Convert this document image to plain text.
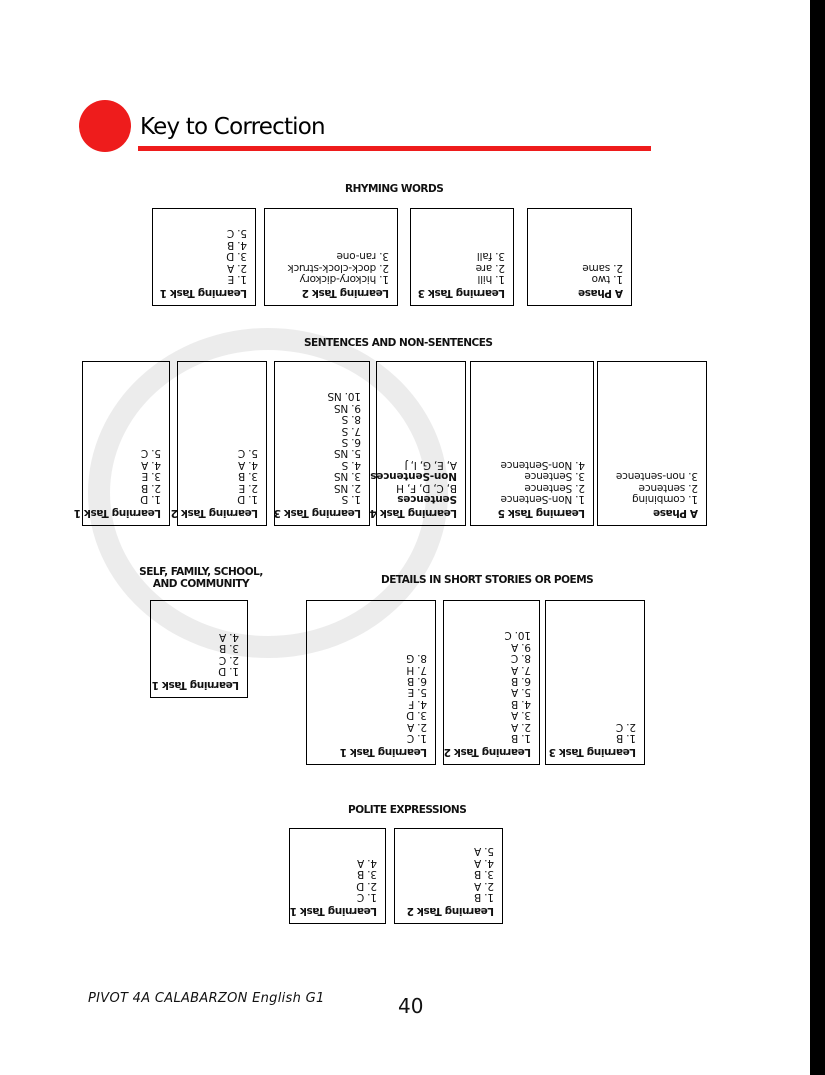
Key to Correction
RHYMING WORDS
Learning Task 1
1. E
2. A
3. D
4. B
5. C
Learning Task 2
1. hickory-dickory
2. dock-clock-struck
3. ran-one
Learning Task 3
1. hill
2. are
3. fall
A Phase
1. two
2. same
SENTENCES AND NON-SENTENCES
Learning Task 1
1. D
2. B
3. E
4. A
5. C
Learning Task 2
1. D
2. E
3. B
4. A
5. C
Learning Task 3
1. S
2. NS
3. NS
4. S
5. NS
6. S
7. S
8. S
9. NS
10. NS
Learning Task 4
Sentences
B, C, D, F, H
Non-Sentences
A, E, G, I, J
Learning Task 5
1. Non-Sentence
2. Sentence
3. Sentence
4. Non-Sentence
A Phase
1. combining
2. sentence
3. non-sentence
SELF, FAMILY, SCHOOL,
AND COMMUNITY
Learning Task 1
1. D
2. C
3. B
4. A
DETAILS IN SHORT STORIES OR POEMS
Learning Task 1
1. C
2. A
3. D
4. F
5. E
6. B
7. H
8. G
Learning Task 2
1. B
2. A
3. A
4. B
5. A
6. B
7. A
8. C
9. A
10. C
Learning Task 3
1. B
2. C
POLITE EXPRESSIONS
Learning Task 1
1. C
2. D
3. B
4. A
Learning Task 2
1. B
2. A
3. B
4. A
5. A
PIVOT 4A CALABARZON English G1	40
